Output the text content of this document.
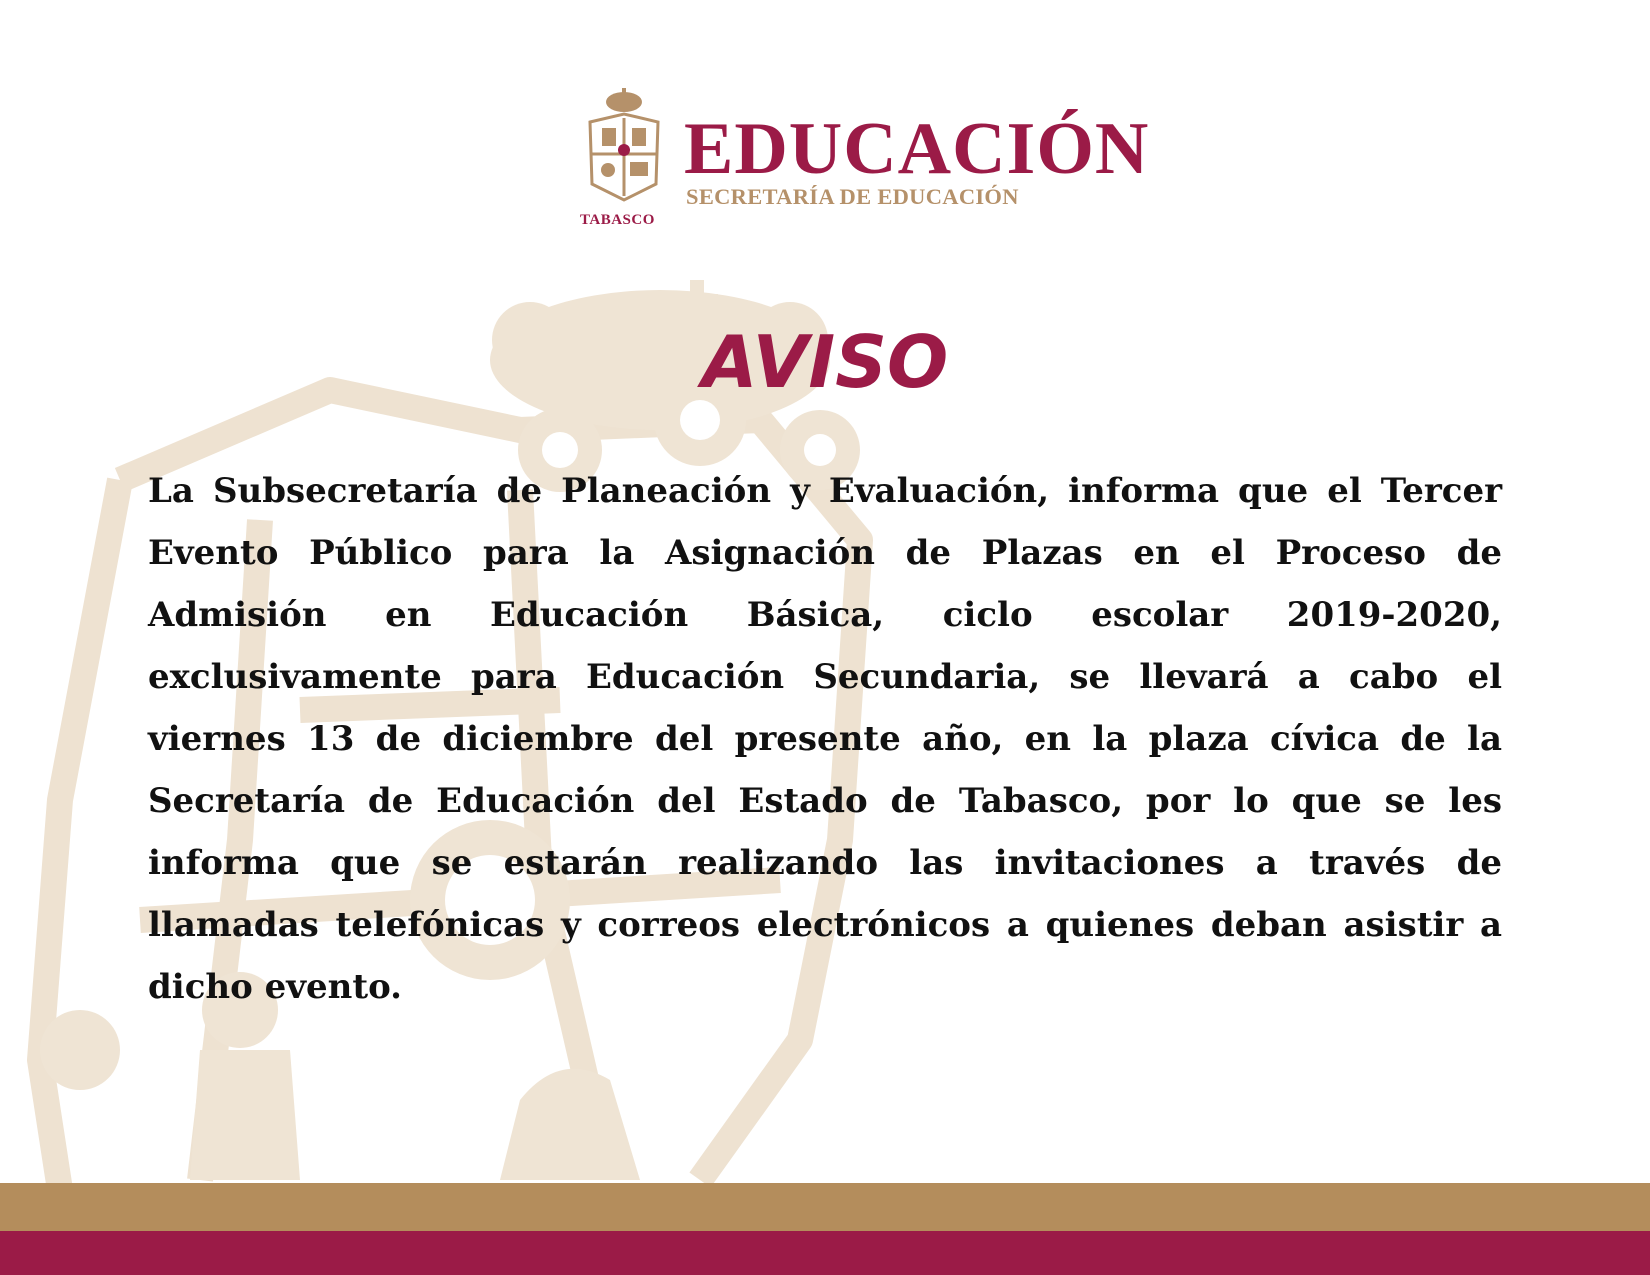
TABASCO
EDUCACIÓN
SECRETARÍA DE EDUCACIÓN
AVISO
La Subsecretaría de Planeación y Evaluación, informa que el Tercer Evento Público para la Asignación de Plazas en el Proceso de Admisión en Educación Básica, ciclo escolar 2019-2020, exclusivamente para Educación Secundaria, se llevará a cabo el viernes 13 de diciembre del presente año, en la plaza cívica de la Secretaría de Educación del Estado de Tabasco, por lo que se les informa que se estarán realizando las invitaciones a través de llamadas telefónicas y correos electrónicos a quienes deban asistir a dicho evento.
